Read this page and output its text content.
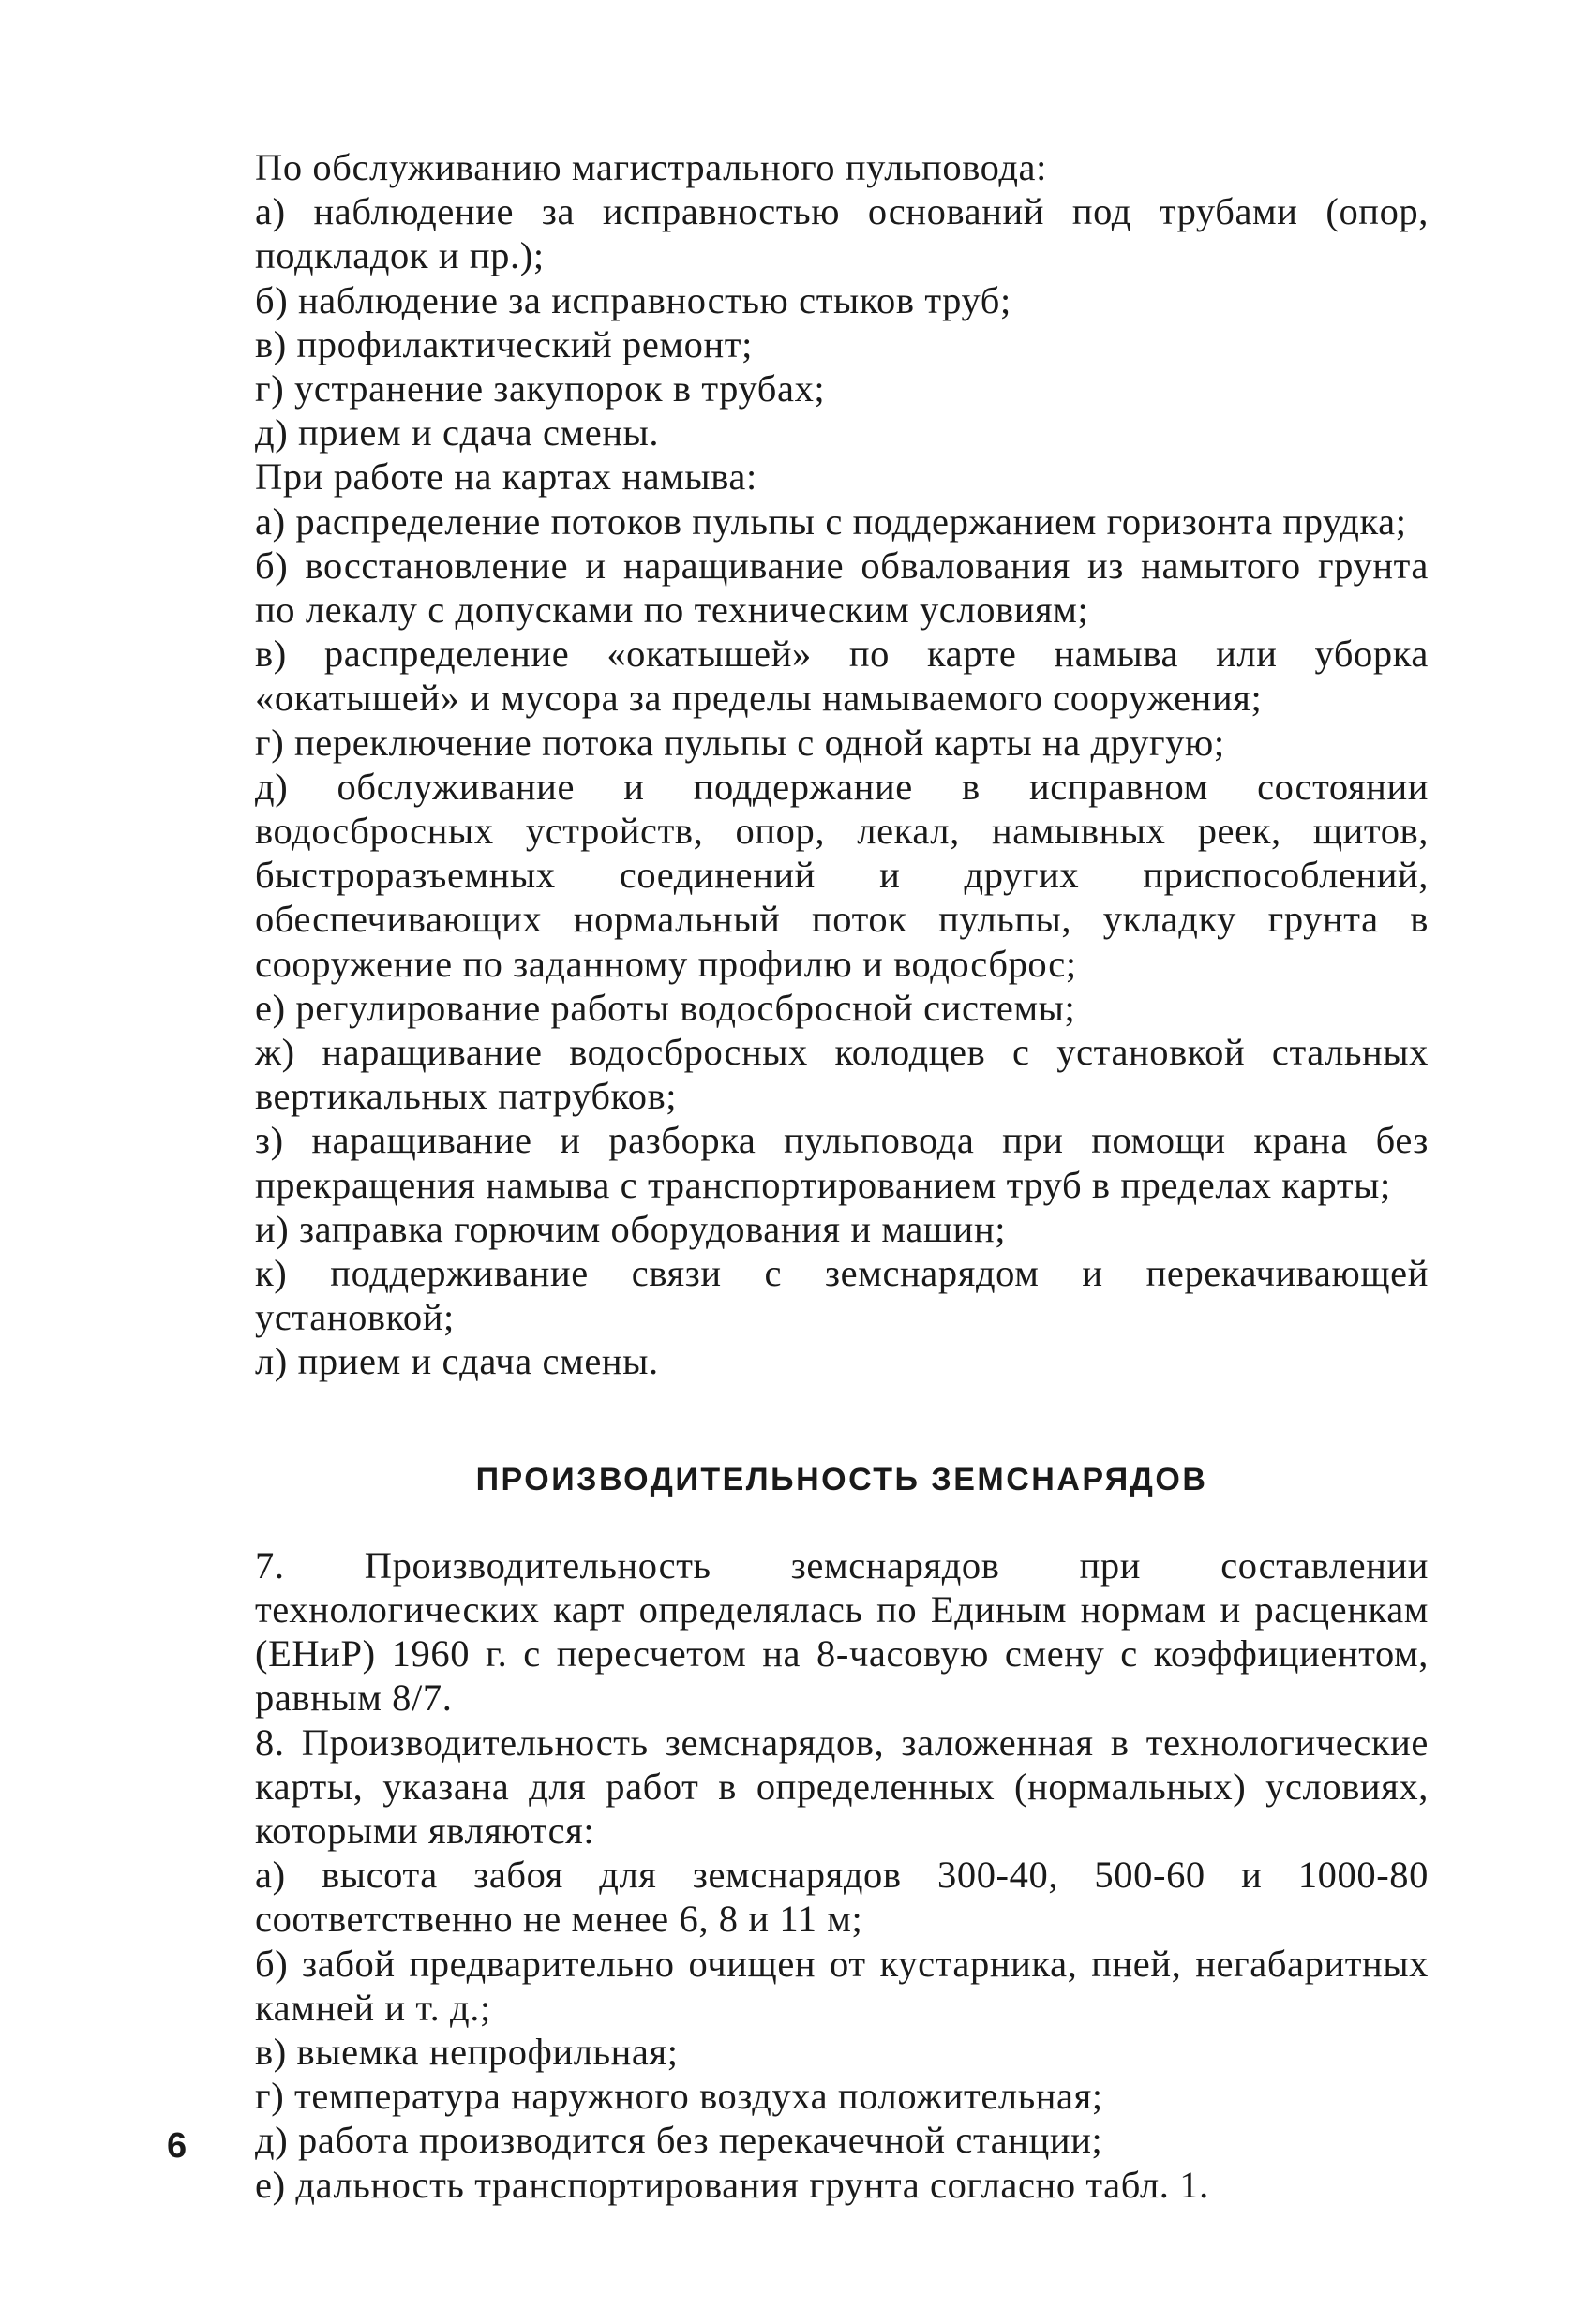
По обслуживанию магистрального пульповода:

а) наблюдение за исправностью оснований под трубами (опор, подкладок и пр.);

б) наблюдение за исправностью стыков труб;

в) профилактический ремонт;

г) устранение закупорок в трубах;

д) прием и сдача смены.

При работе на картах намыва:

а) распределение потоков пульпы с поддержанием горизонта прудка;

б) восстановление и наращивание обвалования из намытого грунта по лекалу с допусками по техническим условиям;

в) распределение «окатышей» по карте намыва или уборка «окатышей» и мусора за пределы намываемого сооружения;

г) переключение потока пульпы с одной карты на другую;

д) обслуживание и поддержание в исправном состоянии водосбросных устройств, опор, лекал, намывных реек, щитов, быстроразъемных соединений и других приспособлений, обеспечивающих нормальный поток пульпы, укладку грунта в сооружение по заданному профилю и водосброс;

е) регулирование работы водосбросной системы;

ж) наращивание водосбросных колодцев с установкой стальных вертикальных патрубков;

з) наращивание и разборка пульповода при помощи крана без прекращения намыва с транспортированием труб в пределах карты;

и) заправка горючим оборудования и машин;

к) поддерживание связи с земснарядом и перекачивающей установкой;

л) прием и сдача смены.

ПРОИЗВОДИТЕЛЬНОСТЬ ЗЕМСНАРЯДОВ

7. Производительность земснарядов при составлении технологических карт определялась по Единым нормам и расценкам (ЕНиР) 1960 г. с пересчетом на 8-часовую смену с коэффициентом, равным 8/7.

8. Производительность земснарядов, заложенная в технологические карты, указана для работ в определенных (нормальных) условиях, которыми являются:

а) высота забоя для земснарядов 300-40, 500-60 и 1000-80 соответственно не менее 6, 8 и 11 м;

б) забой предварительно очищен от кустарника, пней, негабаритных камней и т. д.;

в) выемка непрофильная;

г) температура наружного воздуха положительная;

д) работа производится без перекачечной станции;

е) дальность транспортирования грунта согласно табл. 1.

6
